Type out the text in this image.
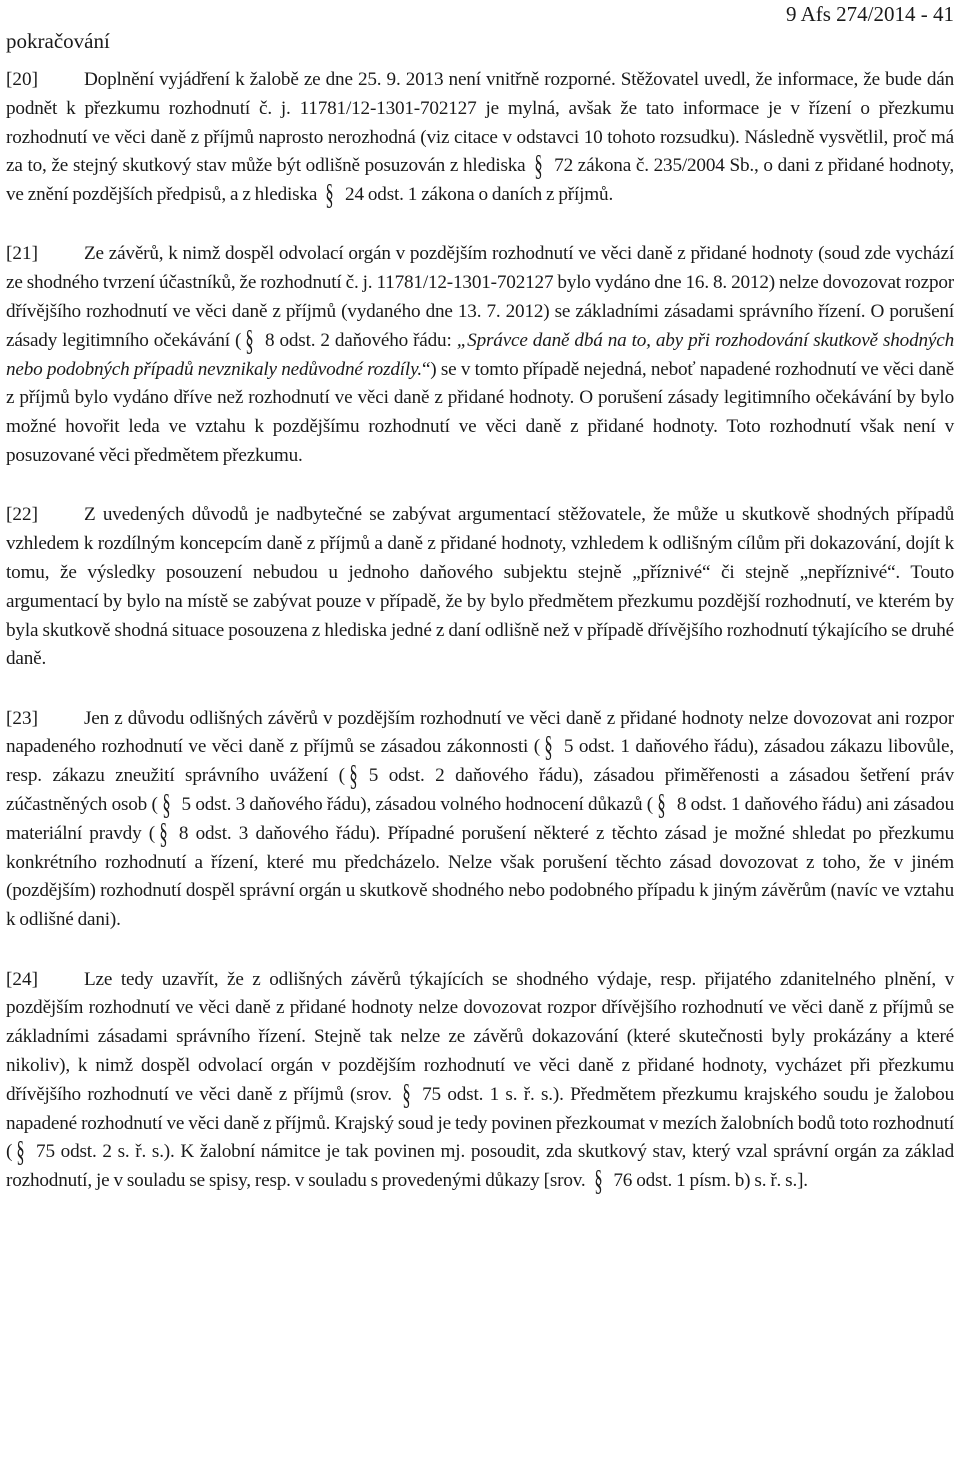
pokračování
9 Afs 274/2014 - 41

[20] Doplnění vyjádření k žalobě ze dne 25. 9. 2013 není vnitřně rozporné. Stěžovatel uvedl, že informace, že bude dán podnět k přezkumu rozhodnutí č. j. 11781/12-1301-702127 je mylná, avšak že tato informace je v řízení o přezkumu rozhodnutí ve věci daně z příjmů naprosto nerozhodná (viz citace v odstavci 10 tohoto rozsudku). Následně vysvětlil, proč má za to, že stejný skutkový stav může být odlišně posuzován z hlediska § 72 zákona č. 235/2004 Sb., o dani z přidané hodnoty, ve znění pozdějších předpisů, a z hlediska § 24 odst. 1 zákona o daních z příjmů.

[21] Ze závěrů, k nimž dospěl odvolací orgán v pozdějším rozhodnutí ve věci daně z přidané hodnoty (soud zde vychází ze shodného tvrzení účastníků, že rozhodnutí č. j. 11781/12-1301-702127 bylo vydáno dne 16. 8. 2012) nelze dovozovat rozpor dřívějšího rozhodnutí ve věci daně z příjmů (vydaného dne 13. 7. 2012) se základními zásadami správního řízení. O porušení zásady legitimního očekávání ( § 8 odst. 2 daňového řádu: „Správce daně dbá na to, aby při rozhodování skutkově shodných nebo podobných případů nevznikaly nedůvodné rozdíly.“) se v tomto případě nejedná, neboť napadené rozhodnutí ve věci daně z příjmů bylo vydáno dříve než rozhodnutí ve věci daně z přidané hodnoty. O porušení zásady legitimního očekávání by bylo možné hovořit leda ve vztahu k pozdějšímu rozhodnutí ve věci daně z přidané hodnoty. Toto rozhodnutí však není v posuzované věci předmětem přezkumu.

[22] Z uvedených důvodů je nadbytečné se zabývat argumentací stěžovatele, že může u skutkově shodných případů vzhledem k rozdílným koncepcím daně z příjmů a daně z přidané hodnoty, vzhledem k odlišným cílům při dokazování, dojít k tomu, že výsledky posouzení nebudou u jednoho daňového subjektu stejně „příznivé“ či stejně „nepříznivé“. Touto argumentací by bylo na místě se zabývat pouze v případě, že by bylo předmětem přezkumu pozdější rozhodnutí, ve kterém by byla skutkově shodná situace posouzena z hlediska jedné z daní odlišně než v případě dřívějšího rozhodnutí týkajícího se druhé daně.

[23] Jen z důvodu odlišných závěrů v pozdějším rozhodnutí ve věci daně z přidané hodnoty nelze dovozovat ani rozpor napadeného rozhodnutí ve věci daně z příjmů se zásadou zákonnosti ( § 5 odst. 1 daňového řádu), zásadou zákazu libovůle, resp. zákazu zneužití správního uvážení ( § 5 odst. 2 daňového řádu), zásadou přiměřenosti a zásadou šetření práv zúčastněných osob ( § 5 odst. 3 daňového řádu), zásadou volného hodnocení důkazů ( § 8 odst. 1 daňového řádu) ani zásadou materiální pravdy ( § 8 odst. 3 daňového řádu). Případné porušení některé z těchto zásad je možné shledat po přezkumu konkrétního rozhodnutí a řízení, které mu předcházelo. Nelze však porušení těchto zásad dovozovat z toho, že v jiném (pozdějším) rozhodnutí dospěl správní orgán u skutkově shodného nebo podobného případu k jiným závěrům (navíc ve vztahu k odlišné dani).

[24] Lze tedy uzavřít, že z odlišných závěrů týkajících se shodného výdaje, resp. přijatého zdanitelného plnění, v pozdějším rozhodnutí ve věci daně z přidané hodnoty nelze dovozovat rozpor dřívějšího rozhodnutí ve věci daně z příjmů se základními zásadami správního řízení. Stejně tak nelze ze závěrů dokazování (které skutečnosti byly prokázány a které nikoliv), k nimž dospěl odvolací orgán v pozdějším rozhodnutí ve věci daně z přidané hodnoty, vycházet při přezkumu dřívějšího rozhodnutí ve věci daně z příjmů (srov. § 75 odst. 1 s. ř. s.). Předmětem přezkumu krajského soudu je žalobou napadené rozhodnutí ve věci daně z příjmů. Krajský soud je tedy povinen přezkoumat v mezích žalobních bodů toto rozhodnutí ( § 75 odst. 2 s. ř. s.). K žalobní námitce je tak povinen mj. posoudit, zda skutkový stav, který vzal správní orgán za základ rozhodnutí, je v souladu se spisy, resp. v souladu s provedenými důkazy [srov. § 76 odst. 1 písm. b) s. ř. s.].
